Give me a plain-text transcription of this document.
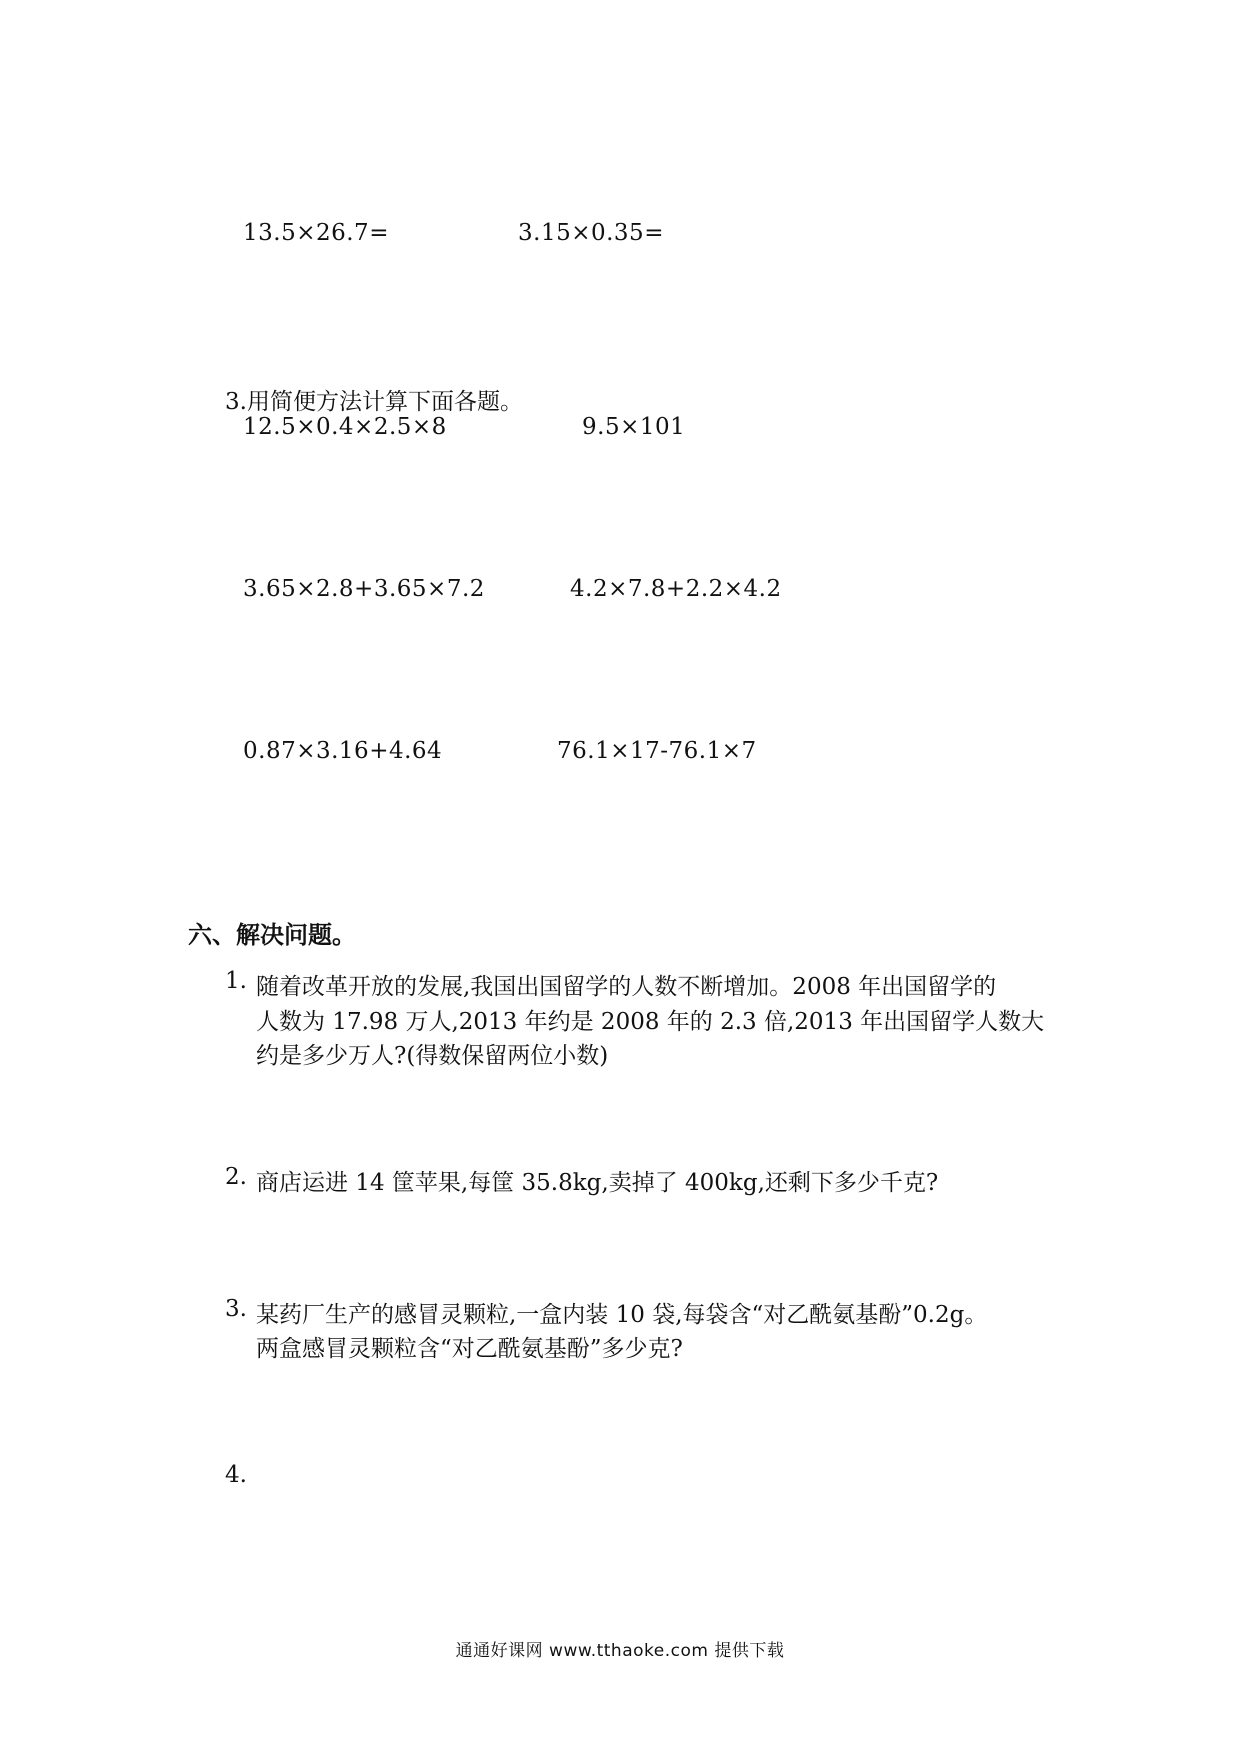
13.5×26.7=	3.15×0.35=
3.用简便方法计算下面各题。
12.5×0.4×2.5×8	9.5×101
3.65×2.8+3.65×7.2	4.2×7.8+2.2×4.2
0.87×3.16+4.64	76.1×17-76.1×7
六、解决问题。
1. 随着改革开放的发展,我国出国留学的人数不断增加。2008 年出国留学的
人数为 17.98 万人,2013 年约是 2008 年的 2.3 倍,2013 年出国留学人数大
约是多少万人?(得数保留两位小数)
2. 商店运进 14 筐苹果,每筐 35.8kg,卖掉了 400kg,还剩下多少千克?
3. 某药厂生产的感冒灵颗粒,一盒内装 10 袋,每袋含“对乙酰氨基酚”0.2g。
两盒感冒灵颗粒含“对乙酰氨基酚”多少克?
4.
通通好课网 www.tthaoke.com 提供下载
